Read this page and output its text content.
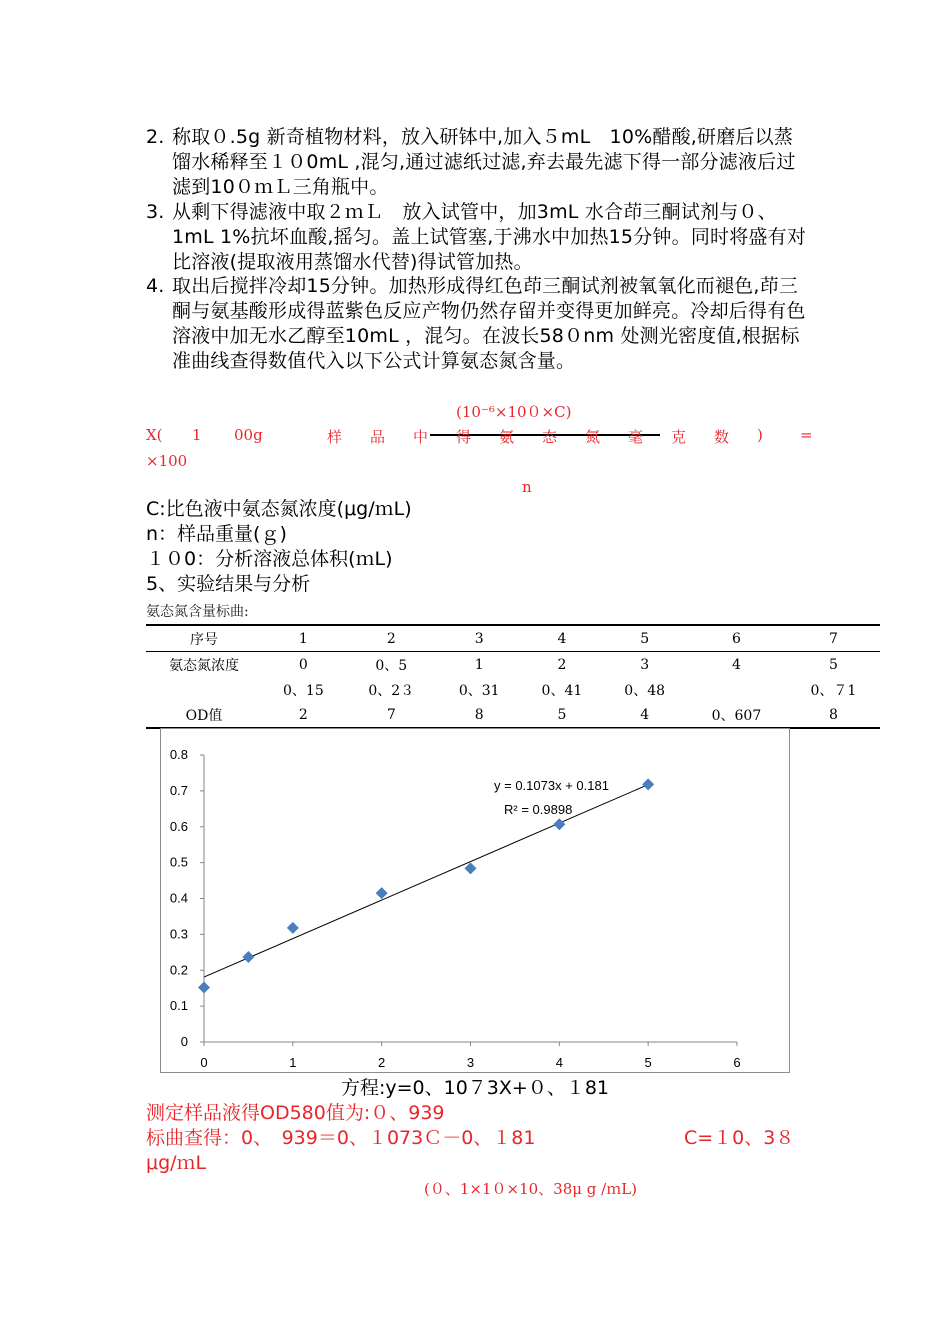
2. 称取０.5g 新奇植物材料，放入研钵中,加入５mL　10%醋酸,研磨后以蒸馏水稀释至１０0mL ,混匀,通过滤纸过滤,弃去最先滤下得一部分滤液后过滤到10０ｍＬ三角瓶中。
3. 从剩下得滤液中取２ｍＬ　放入试管中，加3mL 水合茚三酮试剂与０、1mL 1%抗坏血酸,摇匀。盖上试管塞,于沸水中加热15分钟。同时将盛有对比溶液(提取液用蒸馏水代替)得试管加热。
4. 取出后搅拌冷却15分钟。加热形成得红色茚三酮试剂被氧氧化而褪色,茚三酮与氨基酸形成得蓝紫色反应产物仍然存留并变得更加鲜亮。冷却后得有色溶液中加无水乙醇至10mL ，混匀。在波长58０nm 处测光密度值,根据标准曲线查得数值代入以下公式计算氨态氮含量。
(10⁻⁶×10０×C)
X( 1 00g	样 品 中 得 氨 态 氮 毫 克 数 ) =
×100
n
C:比色液中氨态氮浓度(μg/ｍL)
n：样品重量(ｇ)
１０0：分析溶液总体积(ｍL)
5、实验结果与分析
氨态氮含量标曲:
序号	1	2	3	4	5	6	7
氨态氮浓度	0	0、5	1	2	3	4	5
	0、15	0、2３	0、31	0、41	0、48		0、７1
OD值	2	7	8	5	4	0、607	8
0
0.1
0.2
0.3
0.4
0.5
0.6
0.7
0.8
0	1	2	3	4	5	6
y = 0.1073x + 0.181
R² = 0.9898
方程:y=0、10７3X+０、１81
测定样品液得OD580值为:０、939
标曲查得：0、　939＝0、１073Ｃ－0、１81	C=１0、3８
μg/ｍL
(０、1×1０×10、38μ g /ｍL)
